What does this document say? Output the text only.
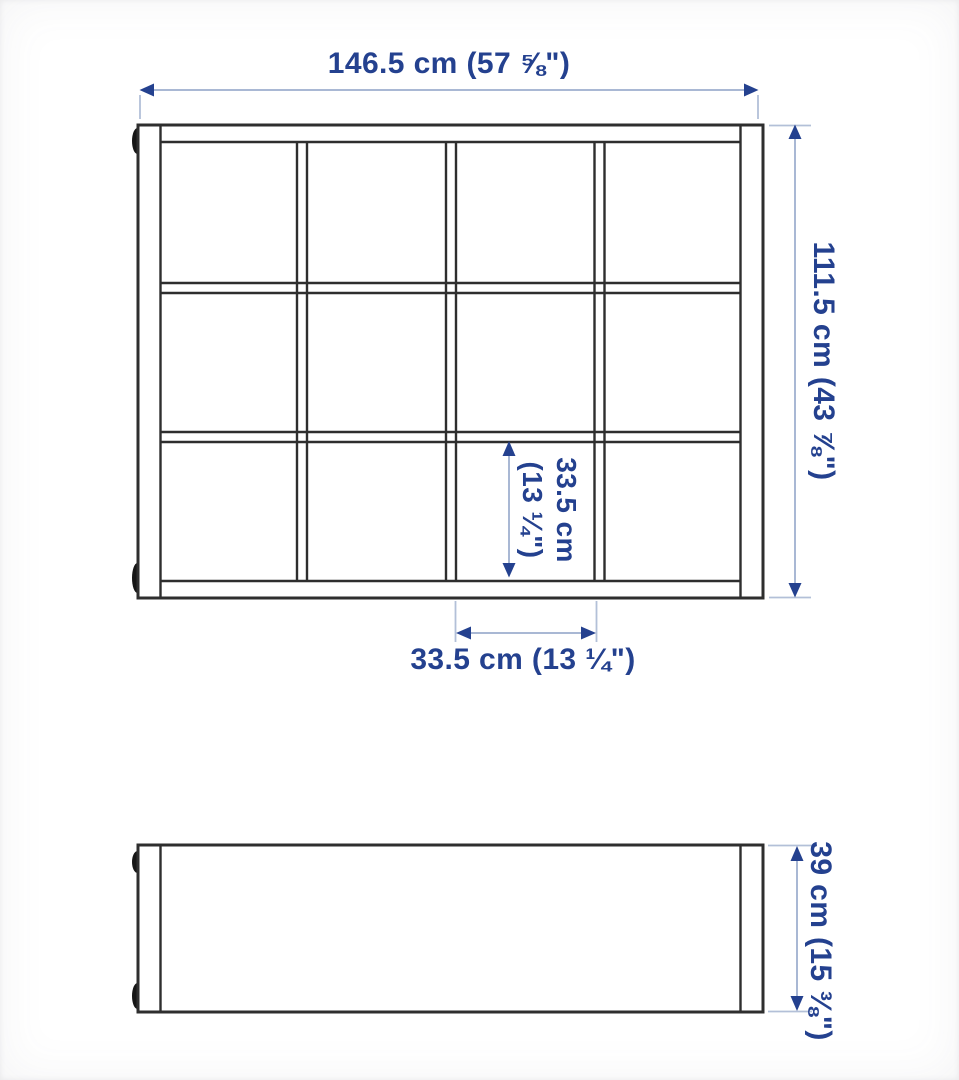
146.5 cm (57 ⅝")
111.5 cm (43 ⅞")
33.5 cm
(13 ¼")
33.5 cm (13 ¼")
39 cm (15 ⅜")
